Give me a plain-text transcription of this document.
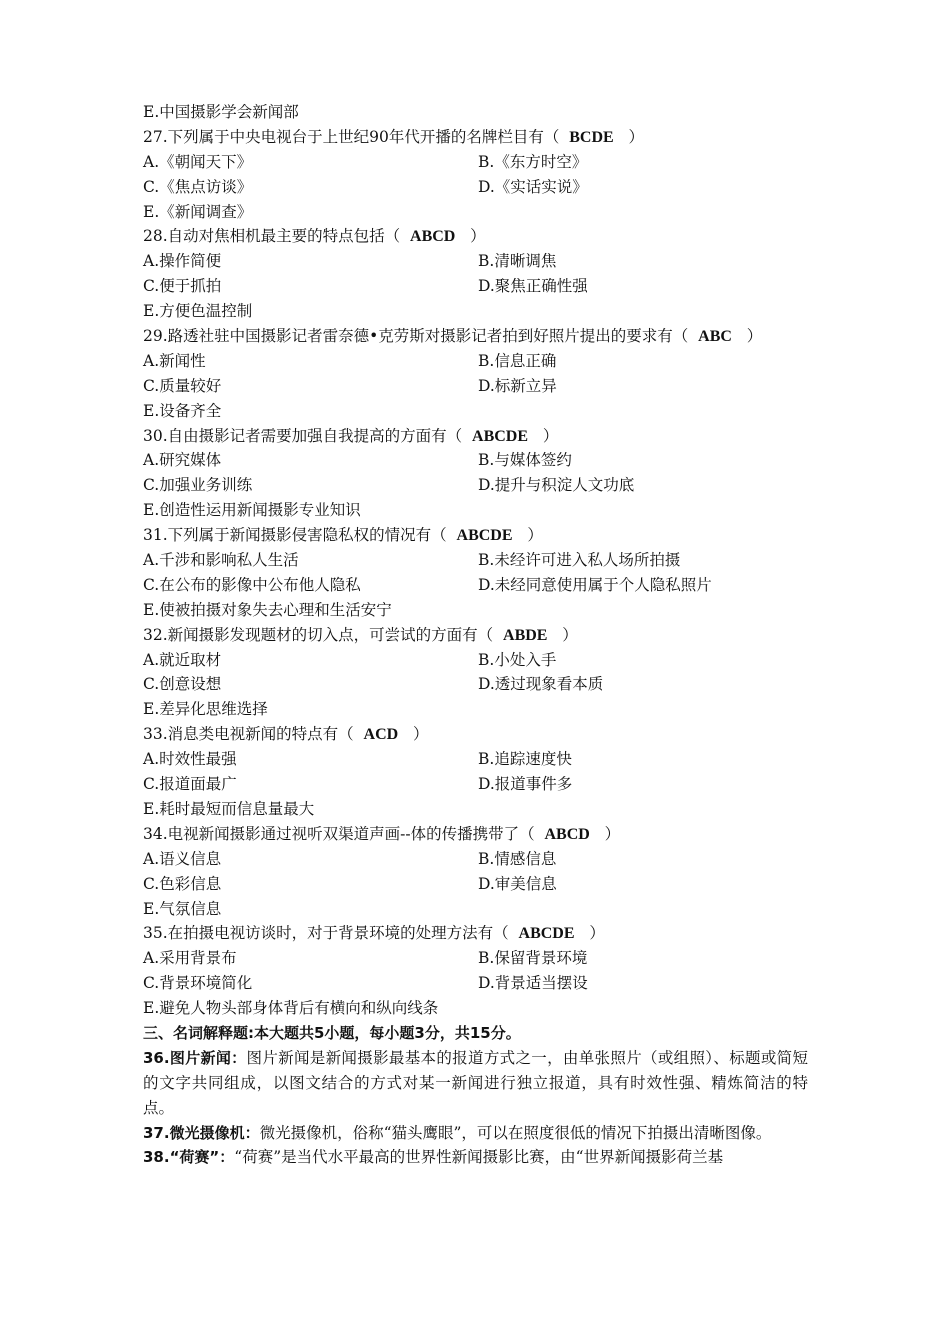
E.中国摄影学会新闻部
27.下列属于中央电视台于上世纪90年代开播的名牌栏目有（ BCDE ）
A.《朝闻天下》	B.《东方时空》
C.《焦点访谈》	D.《实话实说》
E.《新闻调查》
28.自动对焦相机最主要的特点包括（ ABCD ）
A.操作简便	B.清晰调焦
C.便于抓拍	D.聚焦正确性强
E.方便色温控制
29.路透社驻中国摄影记者雷奈德•克劳斯对摄影记者拍到好照片提出的要求有（ ABC ）
A.新闻性	B.信息正确
C.质量较好	D.标新立异
E.设备齐全
30.自由摄影记者需要加强自我提高的方面有（ ABCDE ）
A.研究媒体	B.与媒体签约
C.加强业务训练	D.提升与积淀人文功底
E.创造性运用新闻摄影专业知识
31.下列属于新闻摄影侵害隐私权的情况有（ ABCDE ）
A.千涉和影响私人生活	B.未经许可进入私人场所拍摄
C.在公布的影像中公布他人隐私	D.未经同意使用属于个人隐私照片
E.使被拍摄对象失去心理和生活安宁
32.新闻摄影发现题材的切入点，可尝试的方面有（ ABDE ）
A.就近取材	B.小处入手
C.创意设想	D.透过现象看本质
E.差异化思维选择
33.消息类电视新闻的特点有（ ACD ）
A.时效性最强	B.追踪速度快
C.报道面最广	D.报道事件多
E.耗时最短而信息量最大
34.电视新闻摄影通过视听双渠道声画--体的传播携带了（ ABCD ）
A.语义信息	B.情感信息
C.色彩信息	D.审美信息
E.气氛信息
35.在拍摄电视访谈时，对于背景环境的处理方法有（ ABCDE ）
A.采用背景布	B.保留背景环境
C.背景环境简化	D.背景适当摆设
E.避免人物头部身体背后有横向和纵向线条
三、名词解释题:本大题共5小题，每小题3分，共15分。
36.图片新闻：图片新闻是新闻摄影最基本的报道方式之一，由单张照片（或组照）、标题或简短的文字共同组成，以图文结合的方式对某一新闻进行独立报道，具有时效性强、精炼简洁的特点。
37.微光摄像机：微光摄像机，俗称“猫头鹰眼”，可以在照度很低的情况下拍摄出清晰图像。
38.“荷赛”：“荷赛”是当代水平最高的世界性新闻摄影比赛，由“世界新闻摄影荷兰基
